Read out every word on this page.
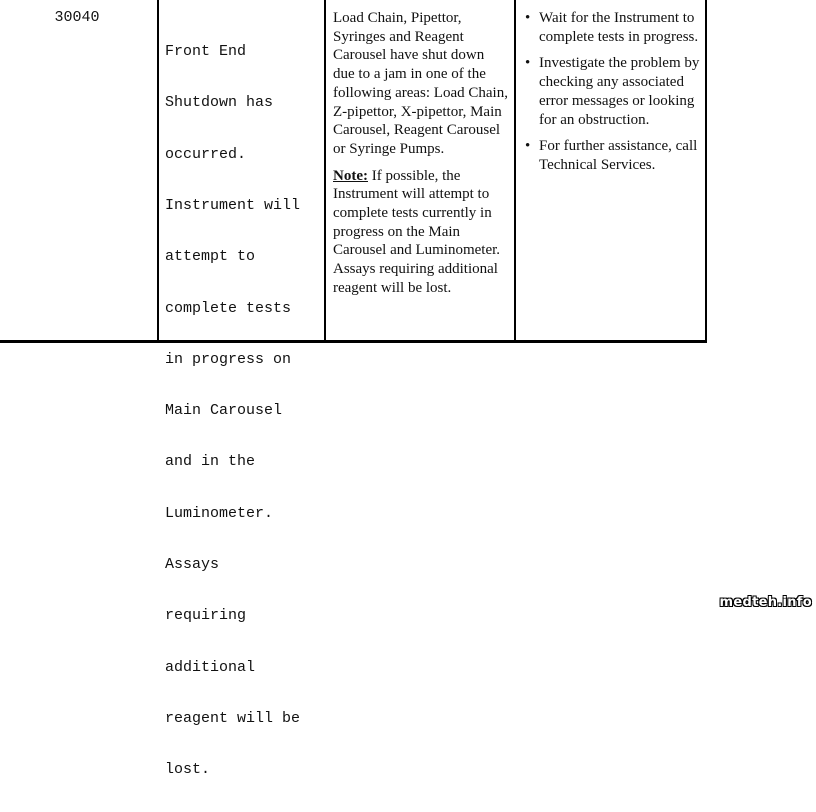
30040

Front End

Shutdown has

occurred.

Instrument will

attempt to

complete tests

in progress on

Main Carousel

and in the

Luminometer.

Assays

requiring

additional

reagent will be

lost.

Load Chain, Pipettor, Syringes and Reagent Carousel have shut down due to a jam in one of the following areas: Load Chain, Z-pipettor, X-pipettor, Main Carousel, Reagent Carousel or Syringe Pumps.

Note: If possible, the Instrument will attempt to complete tests currently in progress on the Main Carousel and Luminometer. Assays requiring additional reagent will be lost.

• Wait for the Instrument to complete tests in progress.
• Investigate the problem by checking any associated error messages or looking for an obstruction.
• For further assistance, call Technical Services.
medteh.info
